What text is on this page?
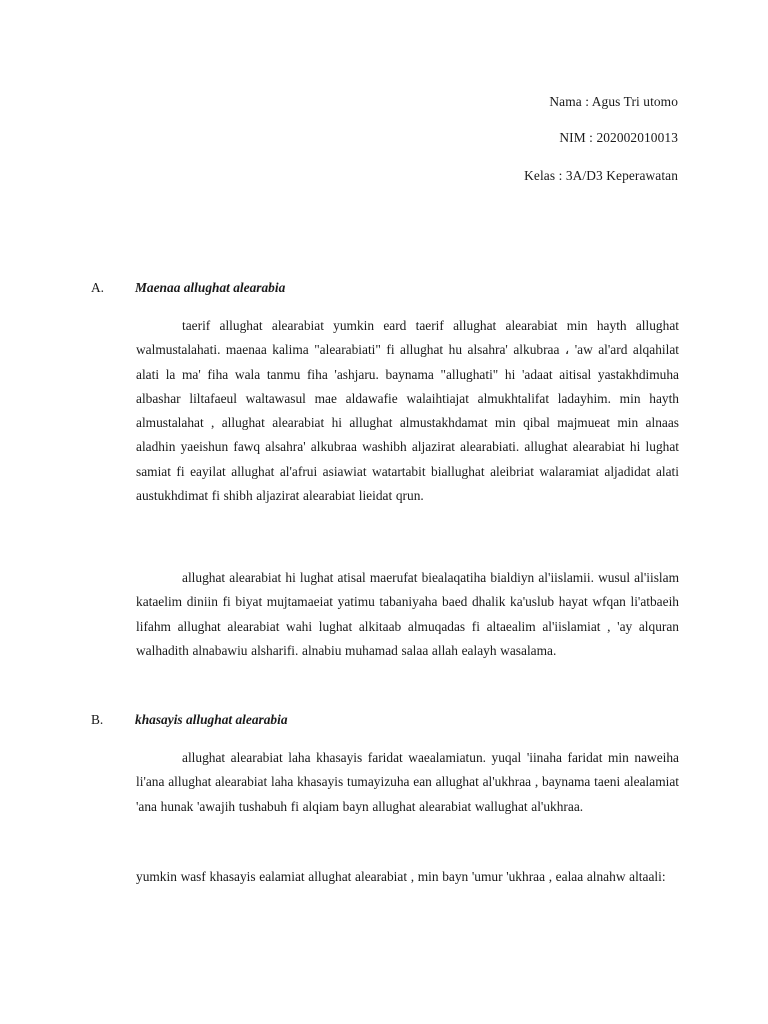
Nama : Agus Tri utomo
NIM : 202002010013
Kelas : 3A/D3 Keperawatan
A. Maenaa allughat alearabia

taerif allughat alearabiat yumkin eard taerif allughat alearabiat min hayth allughat walmustalahati. maenaa kalima "alearabiati" fi allughat hu alsahra' alkubraa ، 'aw al'ard alqahilat alati la ma' fiha wala tanmu fiha 'ashjaru. baynama "allughati" hi 'adaat aitisal yastakhdimuha albashar liltafaeul waltawasul mae aldawafie walaihtiajat almukhtalifat ladayhim. min hayth almustalahat , allughat alearabiat hi allughat almustakhdamat min qibal majmueat min alnaas aladhin yaeishun fawq alsahra' alkubraa washibh aljazirat alearabiati. allughat alearabiat hi lughat samiat fi eayilat allughat al'afrui asiawiat watartabit biallughat aleibriat walaramiat aljadidat alati austukhdimat fi shibh aljazirat alearabiat lieidat qrun.

allughat alearabiat hi lughat atisal maerufat biealaqatiha bialdiyn al'iislamii. wusul al'iislam kataelim diniin fi biyat mujtamaeiat yatimu tabaniyaha baed dhalik ka'uslub hayat wfqan li'atbaeih lifahm allughat alearabiat wahi lughat alkitaab almuqadas fi altaealim al'iislamiat , 'ay alquran walhadith alnabawiu alsharifi. alnabiu muhamad salaa allah ealayh wasalama.

B. khasayis allughat alearabia

allughat alearabiat laha khasayis faridat waealamiatun. yuqal 'iinaha faridat min naweiha li'ana allughat alearabiat laha khasayis tumayizuha ean allughat al'ukhraa , baynama taeni alealamiat 'ana hunak 'awajih tushabuh fi alqiam bayn allughat alearabiat wallughat al'ukhraa.

yumkin wasf khasayis ealamiat allughat alearabiat , min bayn 'umur 'ukhraa , ealaa alnahw altaali:
